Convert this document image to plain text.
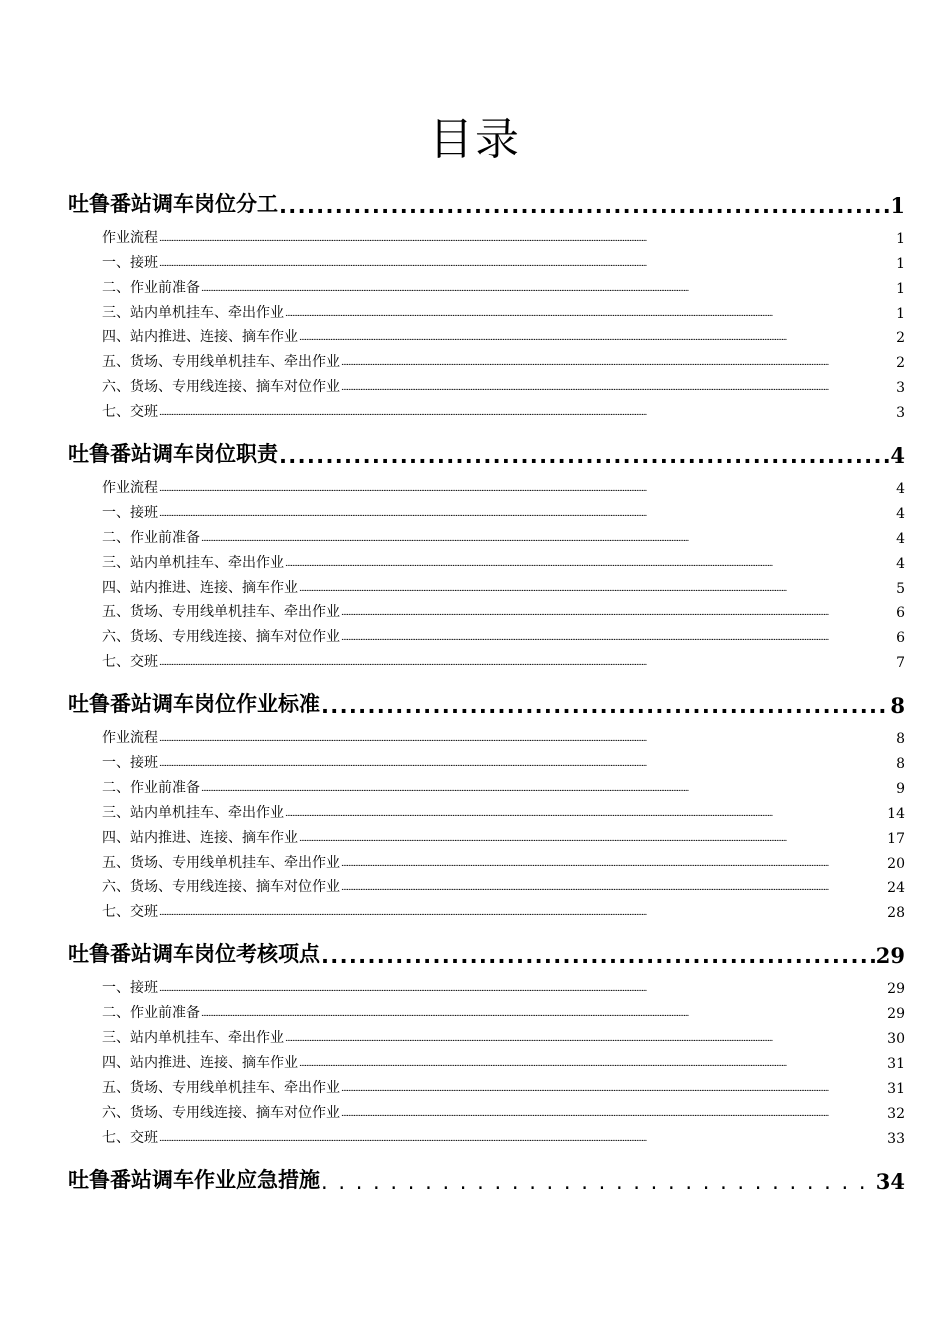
目录
吐鲁番站调车岗位分工 . . .	1
作业流程 . . .	1
一、接班 . . .	1
二、作业前准备 . . .	1
三、站内单机挂车、牵出作业 . . .	1
四、站内推进、连接、摘车作业 . . .	2
五、货场、专用线单机挂车、牵出作业 . . .	2
六、货场、专用线连接、摘车对位作业 . . .	3
七、交班 . . .	3
吐鲁番站调车岗位职责 . . .	4
作业流程 . . .	4
一、接班 . . .	4
二、作业前准备 . . .	4
三、站内单机挂车、牵出作业 . . .	4
四、站内推进、连接、摘车作业 . . .	5
五、货场、专用线单机挂车、牵出作业 . . .	6
六、货场、专用线连接、摘车对位作业 . . .	6
七、交班 . . .	7
吐鲁番站调车岗位作业标准 . . .	8
作业流程 . . .	8
一、接班 . . .	8
二、作业前准备 . . .	9
三、站内单机挂车、牵出作业 . . .	14
四、站内推进、连接、摘车作业 . . .	17
五、货场、专用线单机挂车、牵出作业 . . .	20
六、货场、专用线连接、摘车对位作业 . . .	24
七、交班 . . .	28
吐鲁番站调车岗位考核项点 . . .	29
一、接班 . . .	29
二、作业前准备 . . .	29
三、站内单机挂车、牵出作业 . . .	30
四、站内推进、连接、摘车作业 . . .	31
五、货场、专用线单机挂车、牵出作业 . . .	31
六、货场、专用线连接、摘车对位作业 . . .	32
七、交班 . . .	33
吐鲁番站调车作业应急措施 . . .	34
